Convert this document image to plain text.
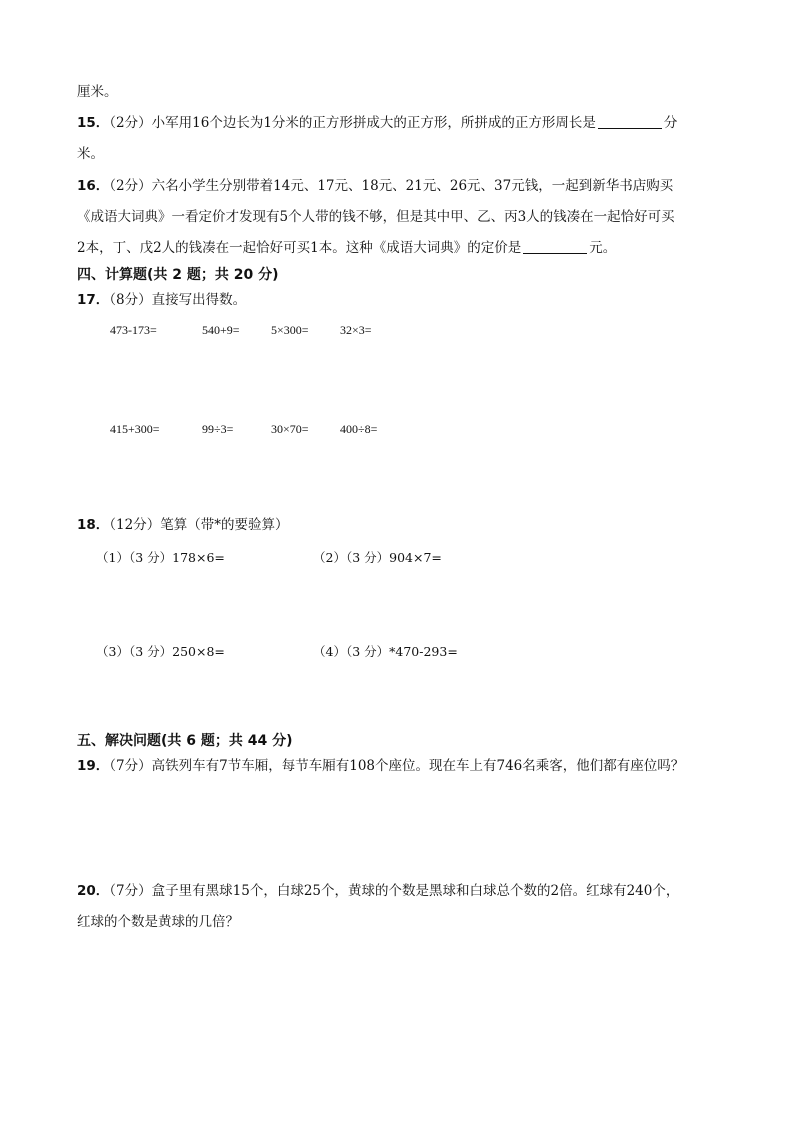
厘米。
15．（2分）小军用16个边长为1分米的正方形拼成大的正方形，所拼成的正方形周长是	分
米。
16．（2分）六名小学生分别带着14元、17元、18元、21元、26元、37元钱，一起到新华书店购买
《成语大词典》一看定价才发现有5个人带的钱不够，但是其中甲、乙、丙3人的钱凑在一起恰好可买
2本，丁、戊2人的钱凑在一起恰好可买1本。这种《成语大词典》的定价是	元。
四、计算题(共 2 题；共 20 分)
17．（8分）直接写出得数。
473-173=	540+9=	5×300=	32×3=
415+300=	99÷3=	30×70=	400÷8=
18．（12分）笔算（带*的要验算）
（1）（3 分）178×6=	（2）（3 分）904×7=
（3）（3 分）250×8=	（4）（3 分）*470-293=
五、解决问题(共 6 题；共 44 分)
19．（7分）高铁列车有7节车厢，每节车厢有108个座位。现在车上有746名乘客，他们都有座位吗？
20．（7分）盒子里有黑球15个，白球25个，黄球的个数是黑球和白球总个数的2倍。红球有240个，
红球的个数是黄球的几倍？
